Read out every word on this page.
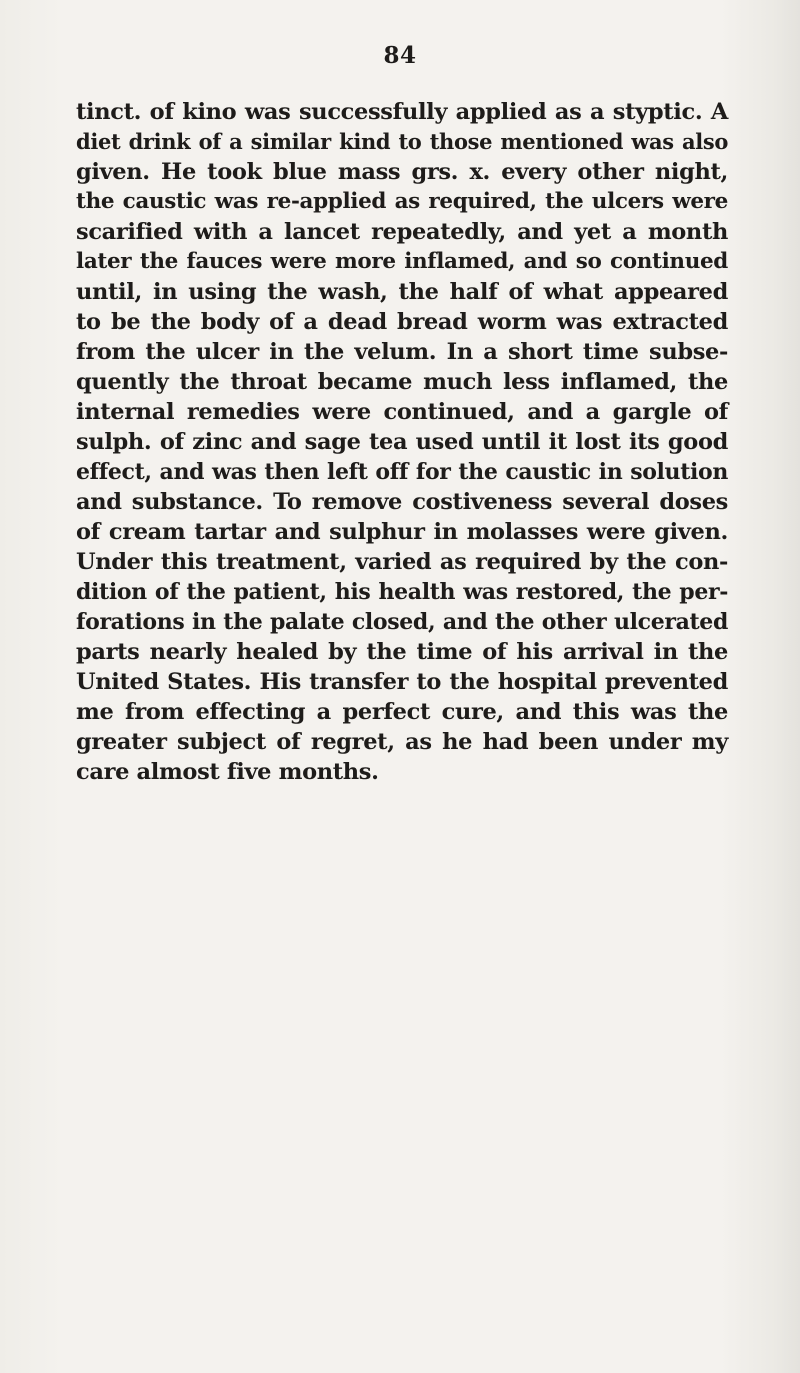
84
tinct. of kino was successfully applied as a styptic. A
diet drink of a similar kind to those mentioned was also
given. He took blue mass grs. x. every other night,
the caustic was re-applied as required, the ulcers were
scarified with a lancet repeatedly, and yet a month
later the fauces were more inflamed, and so continued
until, in using the wash, the half of what appeared
to be the body of a dead bread worm was extracted
from the ulcer in the velum. In a short time subse-
quently the throat became much less inflamed, the
internal remedies were continued, and a gargle of
sulph. of zinc and sage tea used until it lost its good
effect, and was then left off for the caustic in solution
and substance. To remove costiveness several doses
of cream tartar and sulphur in molasses were given.
Under this treatment, varied as required by the con-
dition of the patient, his health was restored, the per-
forations in the palate closed, and the other ulcerated
parts nearly healed by the time of his arrival in the
United States. His transfer to the hospital prevented
me from effecting a perfect cure, and this was the
greater subject of regret, as he had been under my
care almost five months.
